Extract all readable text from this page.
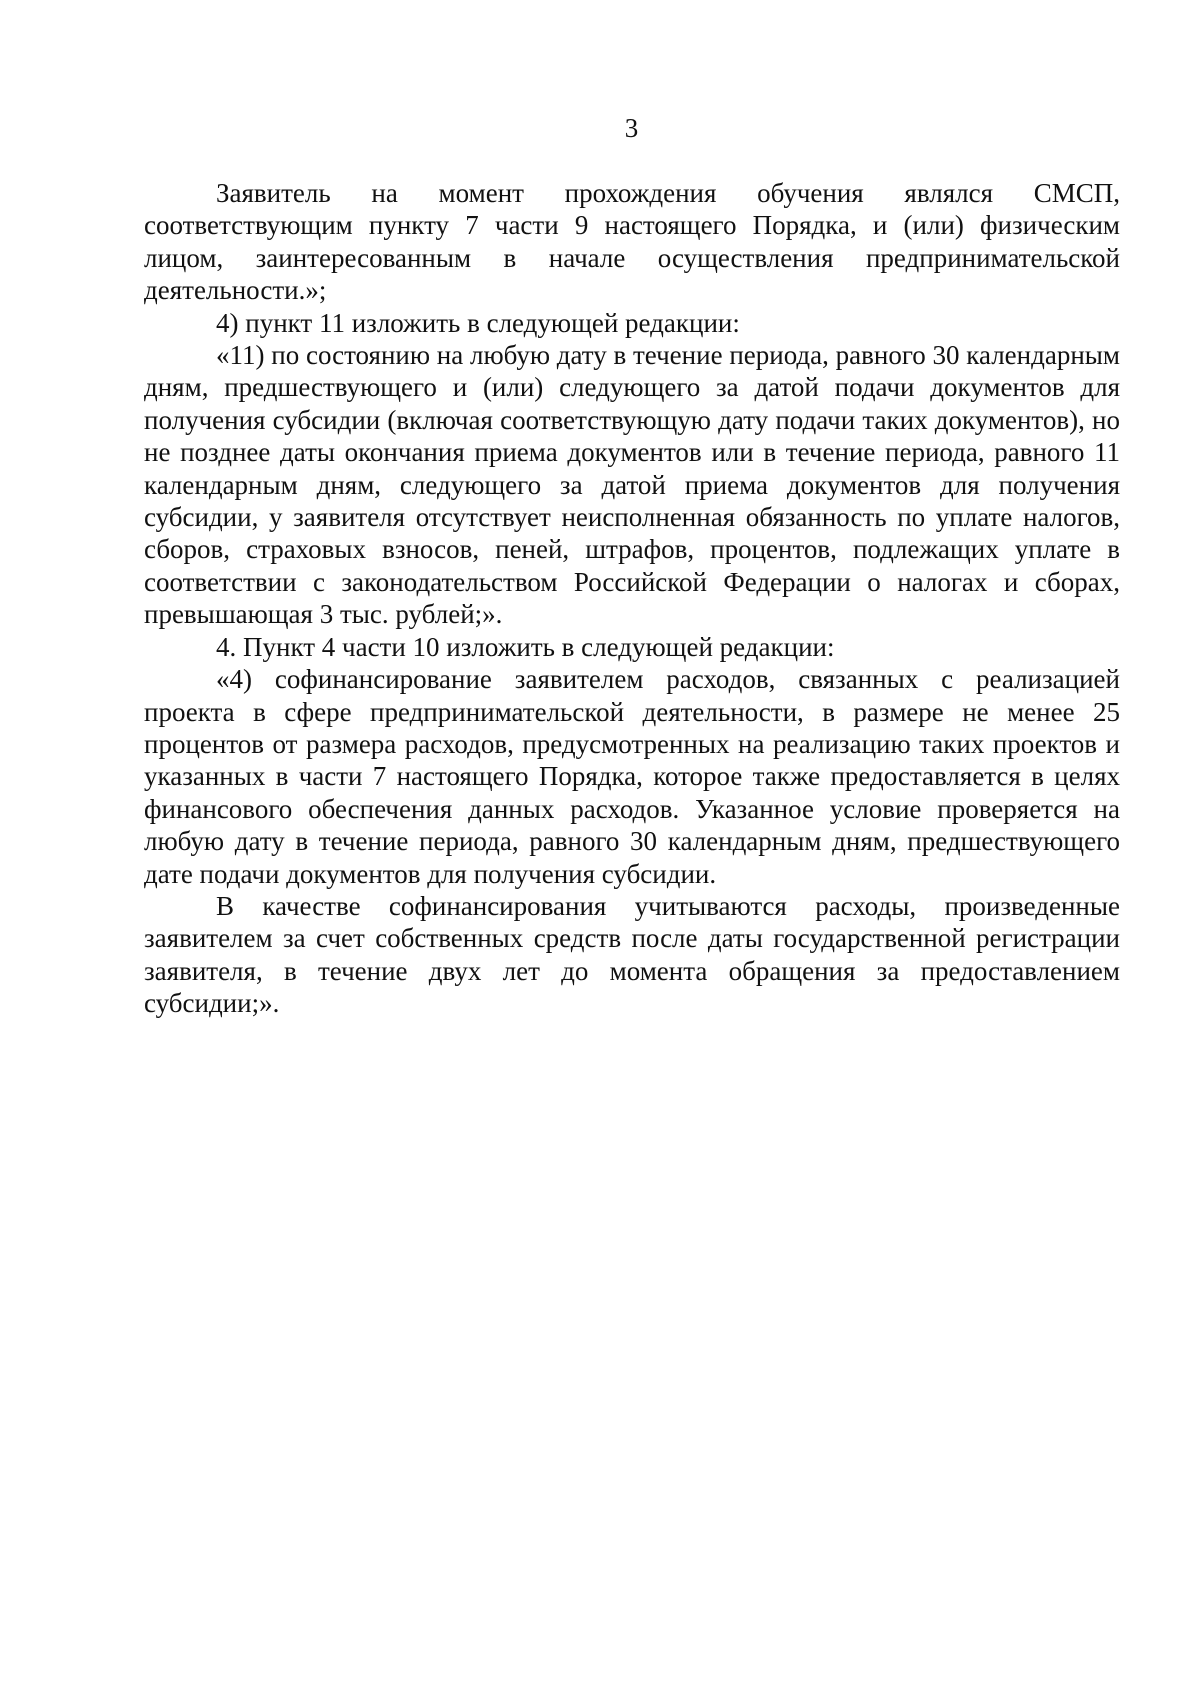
3

Заявитель на момент прохождения обучения являлся СМСП, соответствующим пункту 7 части 9 настоящего Порядка, и (или) физическим лицом, заинтересованным в начале осуществления предпринимательской деятельности.»;

4) пункт 11 изложить в следующей редакции:

«11) по состоянию на любую дату в течение периода, равного 30 календарным дням, предшествующего и (или) следующего за датой подачи документов для получения субсидии (включая соответствующую дату подачи таких документов), но не позднее даты окончания приема документов или в течение периода, равного 11 календарным дням, следующего за датой приема документов для получения субсидии, у заявителя отсутствует неисполненная обязанность по уплате налогов, сборов, страховых взносов, пеней, штрафов, процентов, подлежащих уплате в соответствии с законодательством Российской Федерации о налогах и сборах, превышающая 3 тыс. рублей;».

4. Пункт 4 части 10 изложить в следующей редакции:

«4) софинансирование заявителем расходов, связанных с реализацией проекта в сфере предпринимательской деятельности, в размере не менее 25 процентов от размера расходов, предусмотренных на реализацию таких проектов и указанных в части 7 настоящего Порядка, которое также предоставляется в целях финансового обеспечения данных расходов. Указанное условие проверяется на любую дату в течение периода, равного 30 календарным дням, предшествующего дате подачи документов для получения субсидии.

В качестве софинансирования учитываются расходы, произведенные заявителем за счет собственных средств после даты государственной регистрации заявителя, в течение двух лет до момента обращения за предоставлением субсидии;».
